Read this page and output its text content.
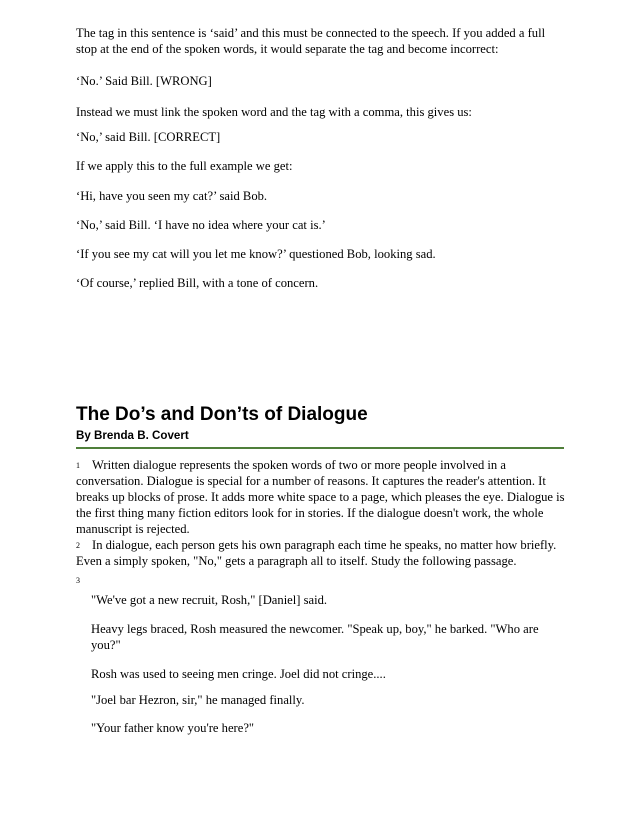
The tag in this sentence is ‘said’ and this must be connected to the speech. If you added a full stop at the end of the spoken words, it would separate the tag and become incorrect:

‘No.’ Said Bill. [WRONG]

Instead we must link the spoken word and the tag with a comma, this gives us:

‘No,’ said Bill. [CORRECT]

If we apply this to the full example we get:

‘Hi, have you seen my cat?’ said Bob.

‘No,’ said Bill. ‘I have no idea where your cat is.’

‘If you see my cat will you let me know?’ questioned Bob, looking sad.

‘Of course,’ replied Bill, with a tone of concern.

The Do’s and Don’ts of Dialogue
By Brenda B. Covert

$^1$ Written dialogue represents the spoken words of two or more people involved in a conversation. Dialogue is special for a number of reasons. It captures the reader's attention. It breaks up blocks of prose. It adds more white space to a page, which pleases the eye. Dialogue is the first thing many fiction editors look for in stories. If the dialogue doesn't work, the whole manuscript is rejected.

$^2$ In dialogue, each person gets his own paragraph each time he speaks, no matter how briefly. Even a simply spoken, "No," gets a paragraph all to itself. Study the following passage.

$^3$

"We've got a new recruit, Rosh," [Daniel] said.

Heavy legs braced, Rosh measured the newcomer. "Speak up, boy," he barked. "Who are you?"

Rosh was used to seeing men cringe. Joel did not cringe....

"Joel bar Hezron, sir," he managed finally.

"Your father know you're here?"
